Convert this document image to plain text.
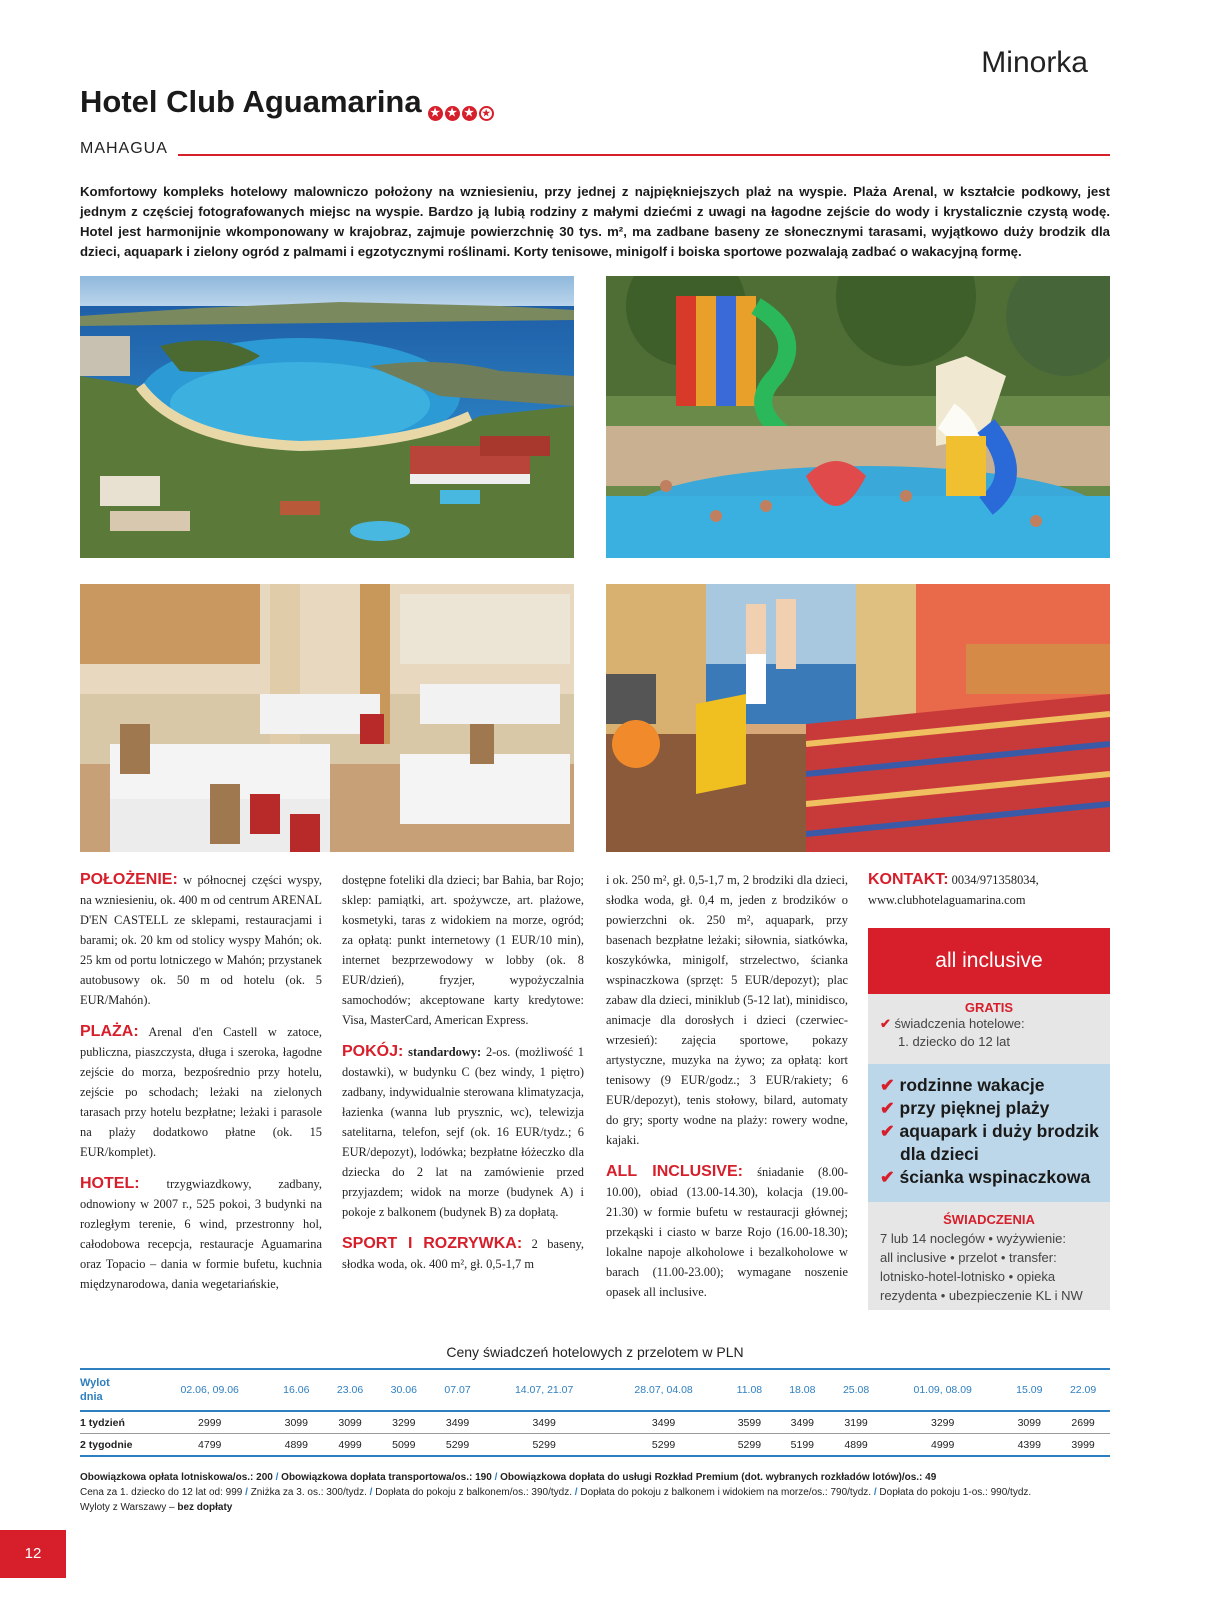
Minorka
Hotel Club Aguamarina ★ ★ ★ ★
MAHAGUA
Komfortowy kompleks hotelowy malowniczo położony na wzniesieniu, przy jednej z najpiękniejszych plaż na wyspie. Plaża Arenal, w kształcie podkowy, jest jednym z częściej fotografowanych miejsc na wyspie. Bardzo ją lubią rodziny z małymi dziećmi z uwagi na łagodne zejście do wody i krystalicznie czystą wodę. Hotel jest harmonijnie wkomponowany w krajobraz, zajmuje powierzchnię 30 tys. m², ma zadbane baseny ze słonecznymi tarasami, wyjątkowo duży brodzik dla dzieci, aquapark i zielony ogród z palmami i egzotycznymi roślinami. Korty tenisowe, minigolf i boiska sportowe pozwalają zadbać o wakacyjną formę.

POŁOŻENIE: w północnej części wyspy, na wzniesieniu, ok. 400 m od centrum ARENAL D'EN CASTELL ze sklepami, restauracjami i barami; ok. 20 km od stolicy wyspy Mahón; ok. 25 km od portu lotniczego w Mahón; przystanek autobusowy ok. 50 m od hotelu (ok. 5 EUR/Mahón).

PLAŻA: Arenal d'en Castell w zatoce, publiczna, piaszczysta, długa i szeroka, łagodne zejście do morza, bezpośrednio przy hotelu, zejście po schodach; leżaki na zielonych tarasach przy hotelu bezpłatne; leżaki i parasole na plaży dodatkowo płatne (ok. 15 EUR/komplet).

HOTEL: trzygwiazdkowy, zadbany, odnowiony w 2007 r., 525 pokoi, 3 budynki na rozległym terenie, 6 wind, przestronny hol, całodobowa recepcja, restauracje Aguamarina oraz Topacio – dania w formie bufetu, kuchnia międzynarodowa, dania wegetariańskie,

dostępne foteliki dla dzieci; bar Bahia, bar Rojo; sklep: pamiątki, art. spożywcze, art. plażowe, kosmetyki, taras z widokiem na morze, ogród; za opłatą: punkt internetowy (1 EUR/10 min), internet bezprzewodowy w lobby (ok. 8 EUR/dzień), fryzjer, wypożyczalnia samochodów; akceptowane karty kredytowe: Visa, MasterCard, American Express.

POKÓJ: standardowy: 2-os. (możliwość 1 dostawki), w budynku C (bez windy, 1 piętro) zadbany, indywidualnie sterowana klimatyzacja, łazienka (wanna lub prysznic, wc), telewizja satelitarna, telefon, sejf (ok. 16 EUR/tydz.; 6 EUR/depozyt), lodówka; bezpłatne łóżeczko dla dziecka do 2 lat na zamówienie przed przyjazdem; widok na morze (budynek A) i pokoje z balkonem (budynek B) za dopłatą.

SPORT I ROZRYWKA: 2 baseny, słodka woda, ok. 400 m², gł. 0,5-1,7 m

i ok. 250 m², gł. 0,5-1,7 m, 2 brodziki dla dzieci, słodka woda, gł. 0,4 m, jeden z brodzików o powierzchni ok. 250 m², aquapark, przy basenach bezpłatne leżaki; siłownia, siatkówka, koszykówka, minigolf, strzelectwo, ścianka wspinaczkowa (sprzęt: 5 EUR/depozyt); plac zabaw dla dzieci, miniklub (5-12 lat), minidisco, animacje dla dorosłych i dzieci (czerwiec-wrzesień): zajęcia sportowe, pokazy artystyczne, muzyka na żywo; za opłatą: kort tenisowy (9 EUR/godz.; 3 EUR/rakiety; 6 EUR/depozyt), tenis stołowy, bilard, automaty do gry; sporty wodne na plaży: rowery wodne, kajaki.

ALL INCLUSIVE: śniadanie (8.00-10.00), obiad (13.00-14.30), kolacja (19.00-21.30) w formie bufetu w restauracji głównej; przekąski i ciasto w barze Rojo (16.00-18.30); lokalne napoje alkoholowe i bezalkoholowe w barach (11.00-23.00); wymagane noszenie opasek all inclusive.

KONTAKT: 0034/971358034,
www.clubhotelaguamarina.com
all inclusive
GRATIS
✔ świadczenia hotelowe:
1. dziecko do 12 lat
✔ rodzinne wakacje
✔ przy pięknej plaży
✔ aquapark i duży brodzik
dla dzieci
✔ ścianka wspinaczkowa
ŚWIADCZENIA
7 lub 14 noclegów • wyżywienie:
all inclusive • przelot • transfer:
lotnisko-hotel-lotnisko • opieka
rezydenta • ubezpieczenie KL i NW
Ceny świadczeń hotelowych z przelotem w PLN
Wylot
dnia	02.06, 09.06	16.06	23.06	30.06	07.07	14.07, 21.07	28.07, 04.08	11.08	18.08	25.08	01.09, 08.09	15.09	22.09
1 tydzień	2999	3099	3099	3299	3499	3499	3499	3599	3499	3199	3299	3099	2699
2 tygodnie	4799	4899	4999	5099	5299	5299	5299	5299	5199	4899	4999	4399	3999
Obowiązkowa opłata lotniskowa/os.: 200 / Obowiązkowa dopłata transportowa/os.: 190 / Obowiązkowa dopłata do usługi Rozkład Premium (dot. wybranych rozkładów lotów)/os.: 49
Cena za 1. dziecko do 12 lat od: 999 / Zniżka za 3. os.: 300/tydz. / Dopłata do pokoju z balkonem/os.: 390/tydz. / Dopłata do pokoju z balkonem i widokiem na morze/os.: 790/tydz. / Dopłata do pokoju 1-os.: 990/tydz.
Wyloty z Warszawy – bez dopłaty
12
